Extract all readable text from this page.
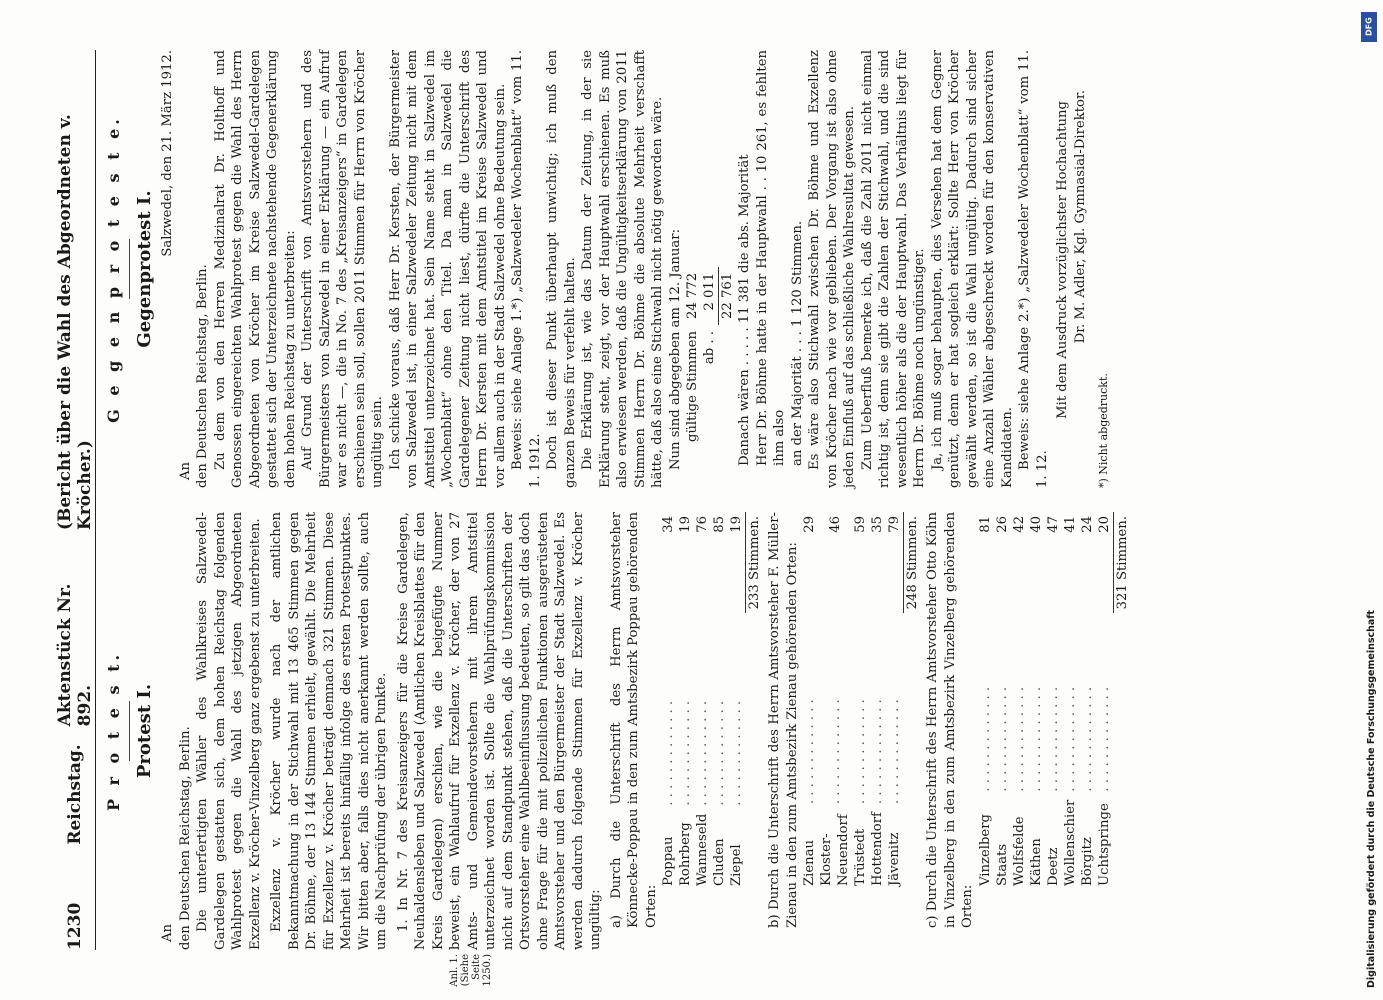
1230
Reichstag.
Aktenstück Nr. 892.
(Bericht über die Wahl des Abgeordneten v. Kröcher.)
P r o t e s t. Protest I.

An den Deutschen Reichstag, Berlin. Die unterfertigten Wähler des Wahlkreises Salzwedel-Gardelegen gestatten sich, dem hohen Reichstag folgenden Wahlprotest gegen die Wahl des jetzigen Abgeordneten Exzellenz v. Kröcher-Vinzelberg ganz ergebenst zu unterbreiten. Exzellenz v. Kröcher wurde nach der amtlichen Bekanntmachung in der Stichwahl mit 13 465 Stimmen gegen Dr. Böhme, der 13 144 Stimmen erhielt, gewählt. Die Mehrheit für Exzellenz v. Kröcher beträgt demnach 321 Stimmen. Diese Mehrheit ist bereits hinfällig infolge des ersten Protestpunktes. Wir bitten aber, falls dies nicht anerkannt werden sollte, auch um die Nachprüfung der übrigen Punkte.

Anl. 1. (Siehe Seite 1250.)

1. In Nr. 7 des Kreisanzeigers für die Kreise Gardelegen, Neuhaldensleben und Salzwedel (Amtlichen Kreisblattes für den Kreis Gardelegen) erschien, wie die beigefügte Nummer beweist, ein Wahlaufruf für Exzellenz v. Kröcher, der von 27 Amts- und Gemeindevorstehern mit ihrem Amtstitel unterzeichnet worden ist. Sollte die Wahlprüfungskommission nicht auf dem Standpunkt stehen, daß die Unterschriften der Ortsvorsteher eine Wahlbeeinflussung bedeuten, so gilt das doch ohne Frage für die mit polizeilichen Funktionen ausgerüsteten Amtsvorsteher und den Bürgermeister der Stadt Salzwedel. Es werden dadurch folgende Stimmen für Exzellenz v. Kröcher ungültig: a) Durch die Unterschrift des Herrn Amtsvorsteher Könnecke-Poppau in den zum Amtsbezirk Poppau gehörenden Orten:

Poppau	. . . . . . . . . . . . .	34
Rohrberg	. . . . . . . . . . . . .	19
Wanneseld	. . . . . . . . . . . . .	76
Cluden	. . . . . . . . . . . . .	85
Ziepel	. . . . . . . . . . . . .	19
		233 Stimmen. b) Durch die Unterschrift des Herrn Amtsvorsteher F. Müller-Zienau in den zum Amtsbezirk Zienau gehörenden Orten: Zienau	. . . . . . . . . . . . .	29
Kloster-Neuendorf	. . . . . . . . . . . . .	46
Trüstedt	. . . . . . . . . . . . .	59
Hottendorf	. . . . . . . . . . . . .	35
Jävenitz	. . . . . . . . . . . . .	79
		248 Stimmen. c) Durch die Unterschrift des Herrn Amtsvorsteher Otto Köhn in Vinzelberg in den zum Amtsbezirk Vinzelberg gehörenden Orten:

Vinzelberg	. . . . . . . . . . . . .	81
Staats	. . . . . . . . . . . . .	26
Wolfsfelde	. . . . . . . . . . . . .	42
Käthen	. . . . . . . . . . . . .	40
Deetz	. . . . . . . . . . . . .	47
Wollenschier	. . . . . . . . . . . . .	41
Börgitz	. . . . . . . . . . . . .	24
Uchtspringe	. . . . . . . . . . . . .	20
		321 Stimmen.
G e g e n p r o t e s t e. Gegenprotest I.

Salzwedel, den 21. März 1912.

An den Deutschen Reichstag, Berlin. Zu dem von den Herren Medizinalrat Dr. Holthoff und Genossen eingereichten Wahlprotest gegen die Wahl des Herrn Abgeordneten von Kröcher im Kreise Salzwedel-Gardelegen gestattet sich der Unterzeichnete nachstehende Gegenerklärung dem hohen Reichstag zu unterbreiten: Auf Grund der Unterschrift von Amtsvorstehern und des Bürgermeisters von Salzwedel in einer Erklärung — ein Aufruf war es nicht —, die in No. 7 des „Kreisanzeigers“ in Gardelegen erschienen sein soll, sollen 2011 Stimmen für Herrn von Kröcher ungültig sein. Ich schicke voraus, daß Herr Dr. Kersten, der Bürgermeister von Salzwedel ist, in einer Salzwedeler Zeitung nicht mit dem Amtstitel unterzeichnet hat. Sein Name steht in Salzwedel im „Wochenblatt“ ohne den Titel. Da man in Salzwedel die Gardelegener Zeitung nicht liest, dürfte die Unterschrift des Herrn Dr. Kersten mit dem Amtstitel im Kreise Salzwedel und vor allem auch in der Stadt Salzwedel ohne Bedeutung sein. Beweis: siehe Anlage 1.*) „Salzwedeler Wochenblatt“ vom 11. 1. 1912. Doch ist dieser Punkt überhaupt unwichtig; ich muß den ganzen Beweis für verfehlt halten. Die Erklärung ist, wie das Datum der Zeitung, in der sie Erklärung steht, zeigt, vor der Hauptwahl erschienen. Es muß also erwiesen werden, daß die Ungültigkeitserklärung von 2011 Stimmen Herrn Dr. Böhme die absolute Mehrheit verschafft hätte, daß also eine Stichwahl nicht nötig geworden wäre. Nun sind abgegeben am 12. Januar: gültige Stimmen	24 772
ab . .	2 011
	22 761 Danach wären . . . . . 11 381 die abs. Majorität Herr Dr. Böhme hatte in der Hauptwahl . . 10 261, es fehlten ihm also an der Majorität . . . 1 120 Stimmen. Es wäre also Stichwahl zwischen Dr. Böhme und Exzellenz von Kröcher nach wie vor geblieben. Der Vorgang ist also ohne jeden Einfluß auf das schließliche Wahlresultat gewesen. Zum Ueberfluß bemerke ich, daß die Zahl 2011 nicht einmal richtig ist, denn sie gibt die Zahlen der Stichwahl, und die sind wesentlich höher als die der Hauptwahl. Das Verhältnis liegt für Herrn Dr. Böhme noch ungünstiger. Ja, ich muß sogar behaupten, dies Versehen hat dem Gegner genützt, denn er hat sogleich erklärt: Sollte Herr von Kröcher gewählt werden, so ist die Wahl ungültig. Dadurch sind sicher eine Anzahl Wähler abgeschreckt worden für den konservativen Kandidaten. Beweis: siehe Anlage 2.*) „Salzwedeler Wochenblatt“ vom 11. 1. 12.

Mit dem Ausdruck vorzüglichster Hochachtung Dr. M. Adler, Kgl. Gymnasial-Direktor.

*) Nicht abgedruckt.
DFG
Digitalisierung gefördert durch die Deutsche Forschungsgemeinschaft
